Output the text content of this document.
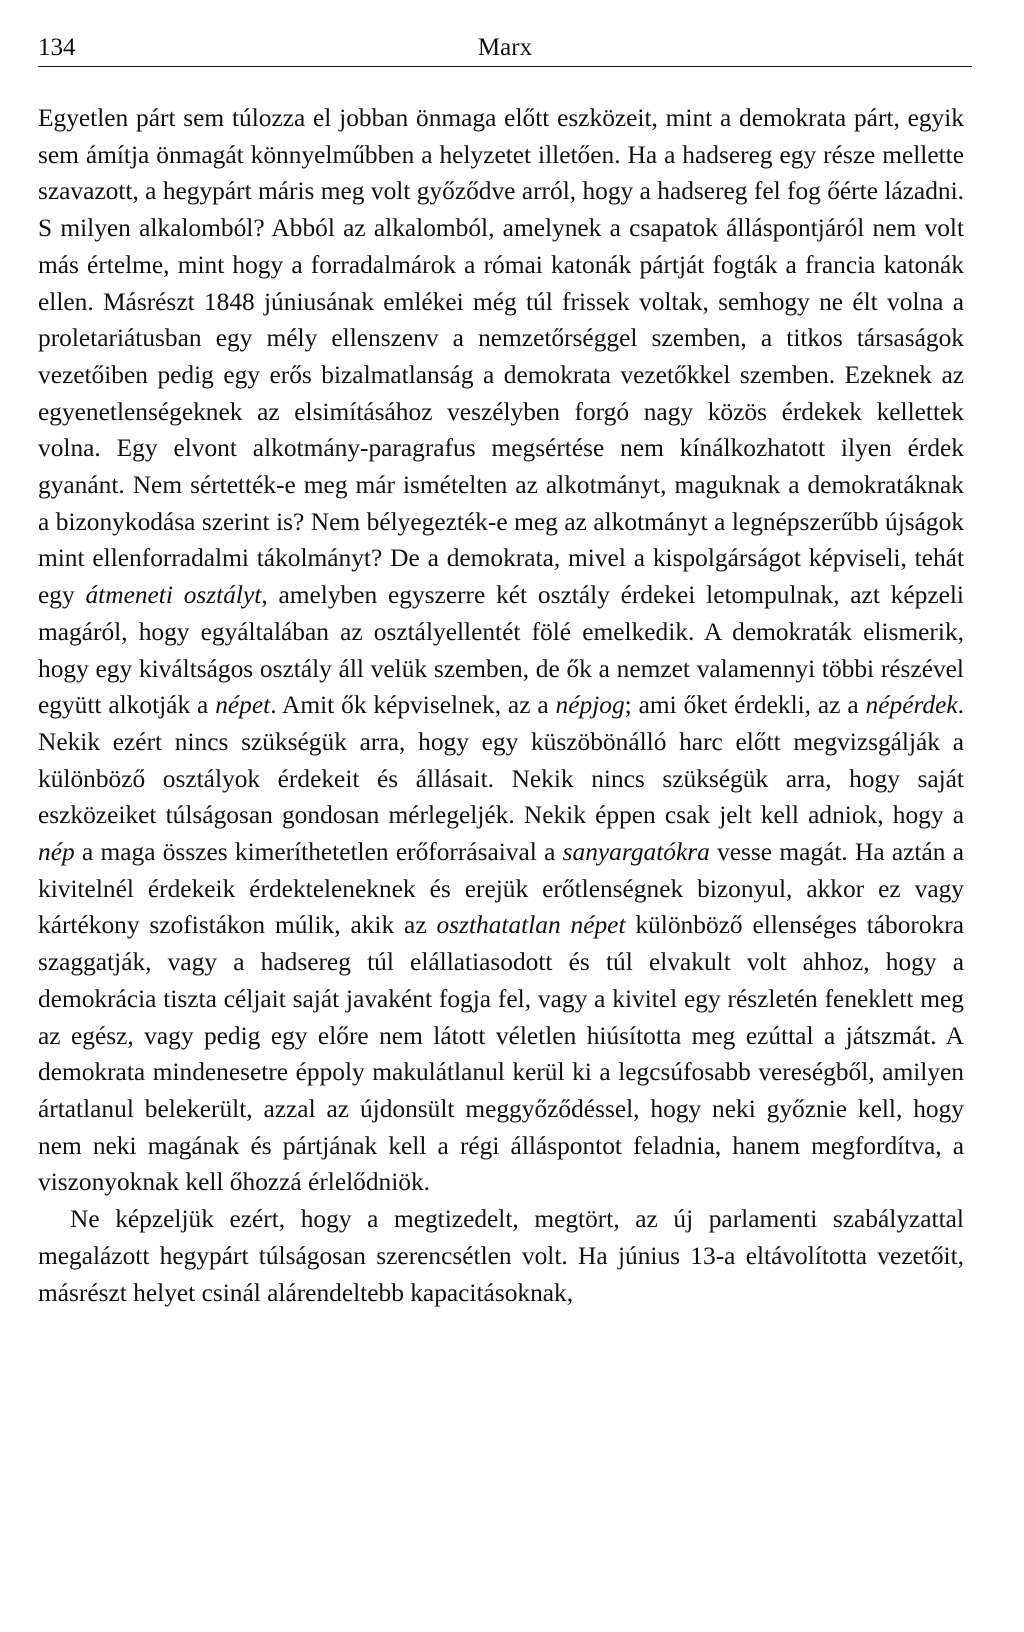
134	Marx

Egyetlen párt sem túlozza el jobban önmaga előtt eszközeit, mint a demokrata párt, egyik sem ámítja önmagát könnyelműbben a helyzetet illetően. Ha a hadsereg egy része mellette szavazott, a hegypárt máris meg volt győződve arról, hogy a hadsereg fel fog őérte lázadni. S milyen alkalomból? Abból az alkalomból, amelynek a csapatok álláspontjáról nem volt más értelme, mint hogy a forradalmárok a római katonák pártját fogták a francia katonák ellen. Másrészt 1848 júniusának emlékei még túl frissek voltak, semhogy ne élt volna a proletariátusban egy mély ellenszenv a nemzetőrséggel szemben, a titkos társaságok vezetőiben pedig egy erős bizalmatlanság a demokrata vezetőkkel szemben. Ezeknek az egyenetlenségeknek az elsimításához veszélyben forgó nagy közös érdekek kellettek volna. Egy elvont alkotmány-paragrafus megsértése nem kínálkozhatott ilyen érdek gyanánt. Nem sértették-e meg már ismételten az alkotmányt, maguknak a demokratáknak a bizonykodása szerint is? Nem bélyegezték-e meg az alkotmányt a legnépszerűbb újságok mint ellenforradalmi tákolmányt? De a demokrata, mivel a kispolgárságot képviseli, tehát egy átmeneti osztályt, amelyben egyszerre két osztály érdekei letompulnak, azt képzeli magáról, hogy egyáltalában az osztályellentét fölé emelkedik. A demokraták elismerik, hogy egy kiváltságos osztály áll velük szemben, de ők a nemzet valamennyi többi részével együtt alkotják a népet. Amit ők képviselnek, az a népjog; ami őket érdekli, az a népérdek. Nekik ezért nincs szükségük arra, hogy egy küszöbönálló harc előtt megvizsgálják a különböző osztályok érdekeit és állásait. Nekik nincs szükségük arra, hogy saját eszközeiket túlságosan gondosan mérlegeljék. Nekik éppen csak jelt kell adniok, hogy a nép a maga összes kimeríthetetlen erőforrásaival a sanyargatókra vesse magát. Ha aztán a kivitelnél érdekeik érdekteleneknek és erejük erőtlenségnek bizonyul, akkor ez vagy kártékony szofistákon múlik, akik az oszthatatlan népet különböző ellenséges táborokra szaggatják, vagy a hadsereg túl elállatiasodott és túl elvakult volt ahhoz, hogy a demokrácia tiszta céljait saját javaként fogja fel, vagy a kivitel egy részletén feneklett meg az egész, vagy pedig egy előre nem látott véletlen hiúsította meg ezúttal a játszmát. A demokrata mindenesetre éppoly makulátlanul kerül ki a legcsúfosabb vereségből, amilyen ártatlanul belekerült, azzal az újdonsült meggyőződéssel, hogy neki győznie kell, hogy nem neki magának és pártjának kell a régi álláspontot feladnia, hanem megfordítva, a viszonyoknak kell őhozzá érlelődniök.

Ne képzeljük ezért, hogy a megtizedelt, megtört, az új parlamenti szabályzattal megalázott hegypárt túlságosan szerencsétlen volt. Ha június 13-a eltávolította vezetőit, másrészt helyet csinál alárendeltebb kapacitásoknak,
